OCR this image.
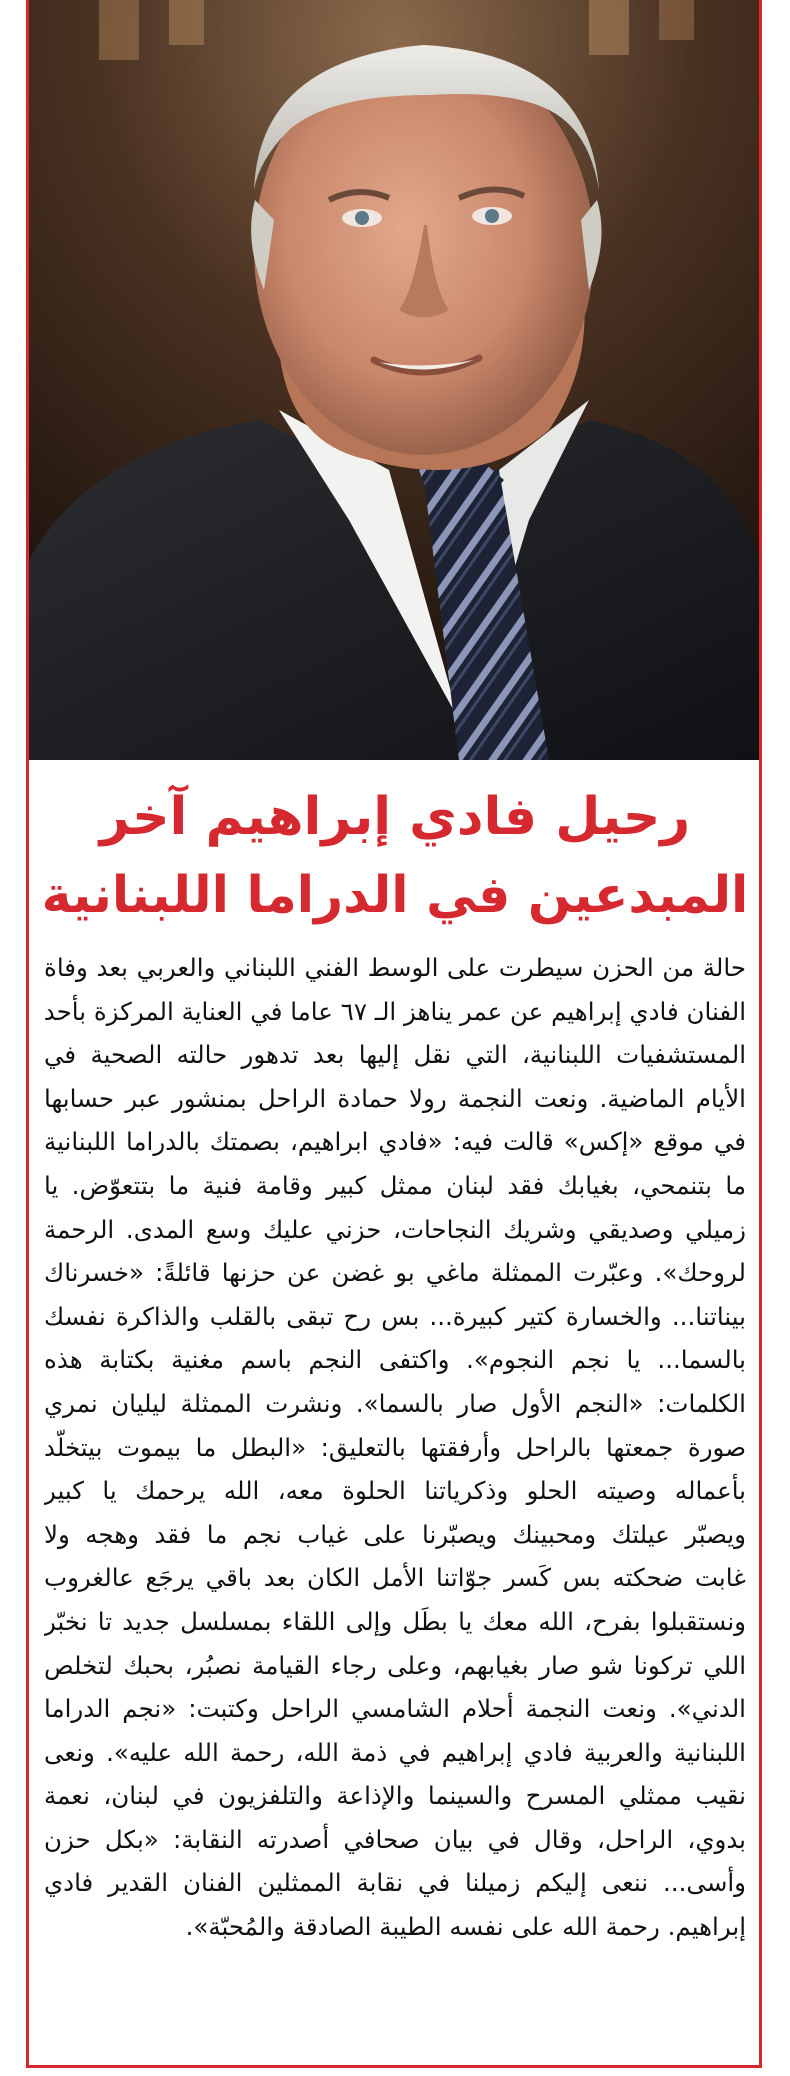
رحيل فادي إبراهيم آخر
المبدعين في الدراما اللبنانية
حالة من الحزن سيطرت على الوسط الفني اللبناني والعربي بعد وفاة
الفنان فادي إبراهيم عن عمر يناهز الـ ٦٧ عاما في العناية المركزة بأحد
المستشفيات اللبنانية، التي نقل إليها بعد تدهور حالته الصحية في
الأيام الماضية. ونعت النجمة رولا حمادة الراحل بمنشور عبر حسابها
في موقع «إكس» قالت فيه: «فادي ابراهيم، بصمتك بالدراما اللبنانية
ما بتنمحي، بغيابك فقد لبنان ممثل كبير وقامة فنية ما بتتعوّض. يا
زميلي وصديقي وشريك النجاحات، حزني عليك وسع المدى. الرحمة
لروحك». وعبّرت الممثلة ماغي بو غضن عن حزنها قائلةً: «خسرناك
بيناتنا... والخسارة كتير كبيرة... بس رح تبقى بالقلب والذاكرة نفسك
بالسما... يا نجم النجوم». واكتفى النجم باسم مغنية بكتابة هذه
الكلمات: «النجم الأول صار بالسما». ونشرت الممثلة ليليان نمري
صورة جمعتها بالراحل وأرفقتها بالتعليق: «البطل ما بيموت بيتخلّد
بأعماله وصيته الحلو وذكرياتنا الحلوة معه، الله يرحمك يا كبير
ويصبّر عيلتك ومحبينك ويصبّرنا على غياب نجم ما فقد وهجه ولا
غابت ضحكته بس كَسر جوّاتنا الأمل الكان بعد باقي يرجَع عالغروب
ونستقبلوا بفرح، الله معك يا بطَل وإلى اللقاء بمسلسل جديد تا نخبّر
اللي تركونا شو صار بغيابهم، وعلى رجاء القيامة نصبُر، بحبك لتخلص
الدني». ونعت النجمة أحلام الشامسي الراحل وكتبت: «نجم الدراما
اللبنانية والعربية فادي إبراهيم في ذمة الله، رحمة الله عليه». ونعى
نقيب ممثلي المسرح والسينما والإذاعة والتلفزيون في لبنان، نعمة
بدوي، الراحل، وقال في بيان صحافي أصدرته النقابة: «بكل حزن
وأسى... ننعى إليكم زميلنا في نقابة الممثلين الفنان القدير فادي
إبراهيم. رحمة الله على نفسه الطيبة الصادقة والمُحبّة».
